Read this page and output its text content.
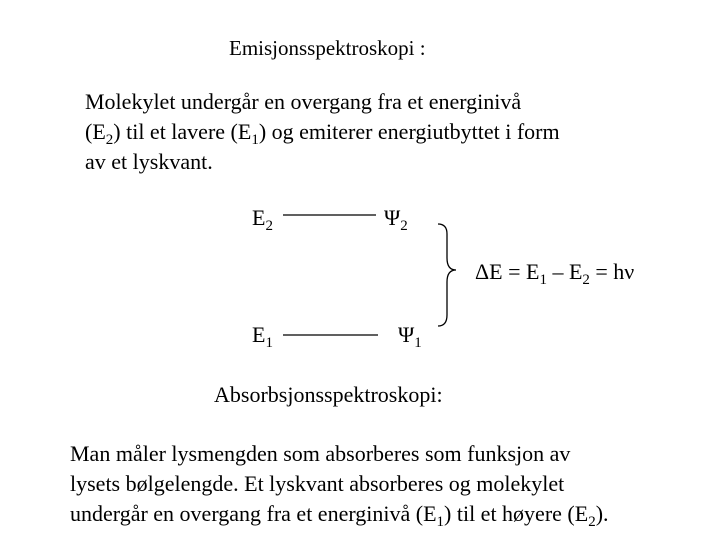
Emisjonsspektroskopi :
Molekylet undergår en overgang fra et energinivå
$(E_2)$ til et lavere $(E_1)$ og emiterer energiutbyttet i form
av et lyskvant.
$E_2$	$\Psi_2$
$\Delta E = E_1 - E_2 = h\nu$
$E_1$	$\Psi_1$
Absorbsjonsspektroskopi:
Man måler lysmengden som absorberes som funksjon av
lysets bølgelengde. Et lyskvant absorberes og molekylet
undergår en overgang fra et energinivå $(E_1)$ til et høyere $(E_2)$.
